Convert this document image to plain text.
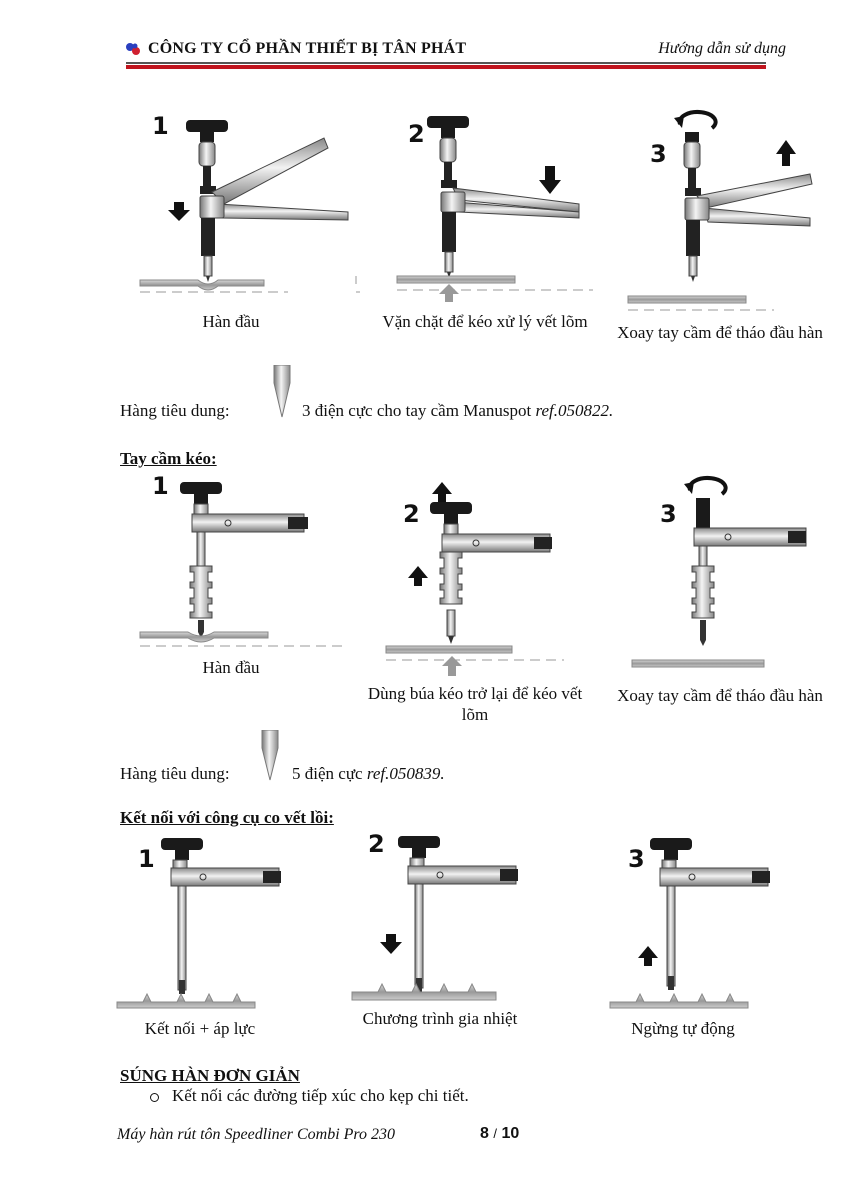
CÔNG TY CỔ PHẦN THIẾT BỊ TÂN PHÁT	Hướng dẫn sử dụng
1
Hàn đầu
2
Vặn chặt để kéo xử lý vết lõm
3
Xoay tay cầm để tháo đầu hàn
Hàng tiêu dung:	3 điện cực cho tay cầm Manuspot ref.050822.
Tay cầm kéo:
1
Hàn đầu
2
Dùng búa kéo trở lại để kéo vết lõm
3
Xoay tay cầm để tháo đầu hàn
Hàng tiêu dung:	5 điện cực ref.050839.
Kết nối với công cụ co vết lồi:
1
Kết nối + áp lực
2
Chương trình gia nhiệt
3
Ngừng tự động
SÚNG HÀN ĐƠN GIẢN
Kết nối các đường tiếp xúc cho kẹp chi tiết.
Máy hàn rút tôn Speedliner Combi Pro 230	8 / 10
